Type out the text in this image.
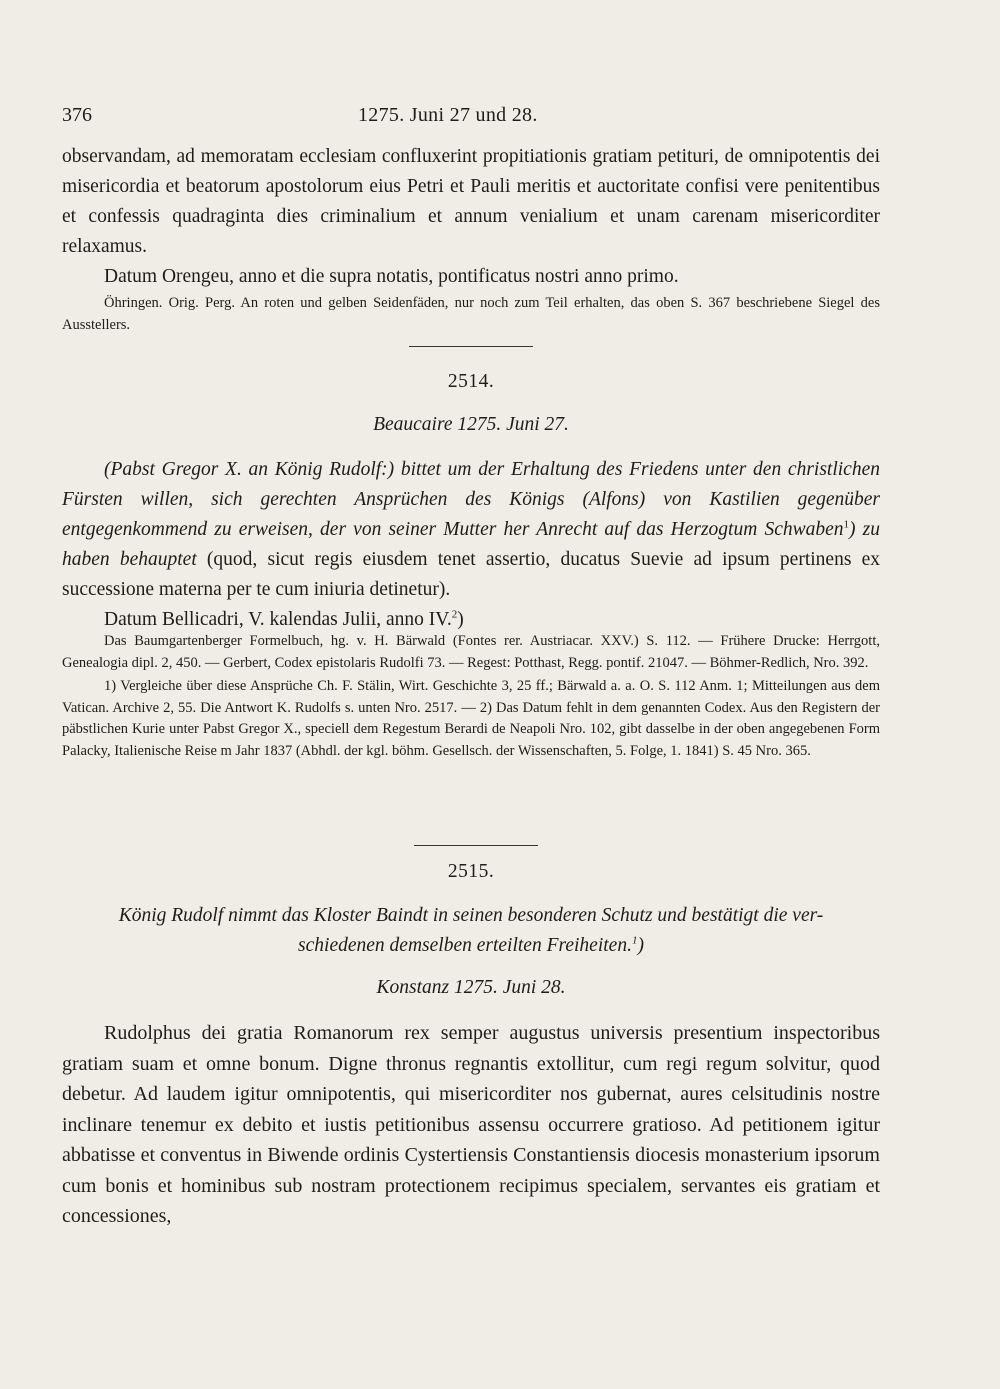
376	1275. Juni 27 und 28.

observandam, ad memoratam ecclesiam confluxerint propitiationis gratiam petituri, de omnipotentis dei misericordia et beatorum apostolorum eius Petri et Pauli meritis et auctoritate confisi vere penitentibus et confessis quadraginta dies criminalium et annum venialium et unam carenam misericorditer relaxamus.

Datum Orengeu, anno et die supra notatis, pontificatus nostri anno primo.

Öhringen. Orig. Perg. An roten und gelben Seidenfäden, nur noch zum Teil erhalten, das oben S. 367 beschriebene Siegel des Ausstellers.

2514.
Beaucaire 1275. Juni 27.

(Pabst Gregor X. an König Rudolf:) bittet um der Erhaltung des Friedens unter den christlichen Fürsten willen, sich gerechten Ansprüchen des Königs (Alfons) von Kastilien gegenüber entgegenkommend zu erweisen, der von seiner Mutter her Anrecht auf das Herzogtum Schwaben$^1$) zu haben behauptet (quod, sicut regis eiusdem tenet assertio, ducatus Suevie ad ipsum pertinens ex successione materna per te cum iniuria detinetur).

Datum Bellicadri, V. kalendas Julii, anno IV.$^2$)

Das Baumgartenberger Formelbuch, hg. v. H. Bärwald (Fontes rer. Austriacar. XXV.) S. 112. — Frühere Drucke: Herrgott, Genealogia dipl. 2, 450. — Gerbert, Codex epistolaris Rudolfi 73. — Regest: Potthast, Regg. pontif. 21047. — Böhmer-Redlich, Nro. 392.

1) Vergleiche über diese Ansprüche Ch. F. Stälin, Wirt. Geschichte 3, 25 ff.; Bärwald a. a. O. S. 112 Anm. 1; Mitteilungen aus dem Vatican. Archive 2, 55. Die Antwort K. Rudolfs s. unten Nro. 2517. — 2) Das Datum fehlt in dem genannten Codex. Aus den Registern der päbstlichen Kurie unter Pabst Gregor X., speciell dem Regestum Berardi de Neapoli Nro. 102, gibt dasselbe in der oben angegebenen Form Palacky, Italienische Reise m Jahr 1837 (Abhdl. der kgl. böhm. Gesellsch. der Wissenschaften, 5. Folge, 1. 1841) S. 45 Nro. 365.

2515.
König Rudolf nimmt das Kloster Baindt in seinen besonderen Schutz und bestätigt die ver-
schiedenen demselben erteilten Freiheiten.$^1$)
Konstanz 1275. Juni 28.

Rudolphus dei gratia Romanorum rex semper augustus universis presentium inspectoribus gratiam suam et omne bonum. Digne thronus regnantis extollitur, cum regi regum solvitur, quod debetur. Ad laudem igitur omnipotentis, qui misericorditer nos gubernat, aures celsitudinis nostre inclinare tenemur ex debito et iustis petitionibus assensu occurrere gratioso. Ad petitionem igitur abbatisse et conventus in Biwende ordinis Cystertiensis Constantiensis diocesis monasterium ipsorum cum bonis et hominibus sub nostram protectionem recipimus specialem, servantes eis gratiam et concessiones,
